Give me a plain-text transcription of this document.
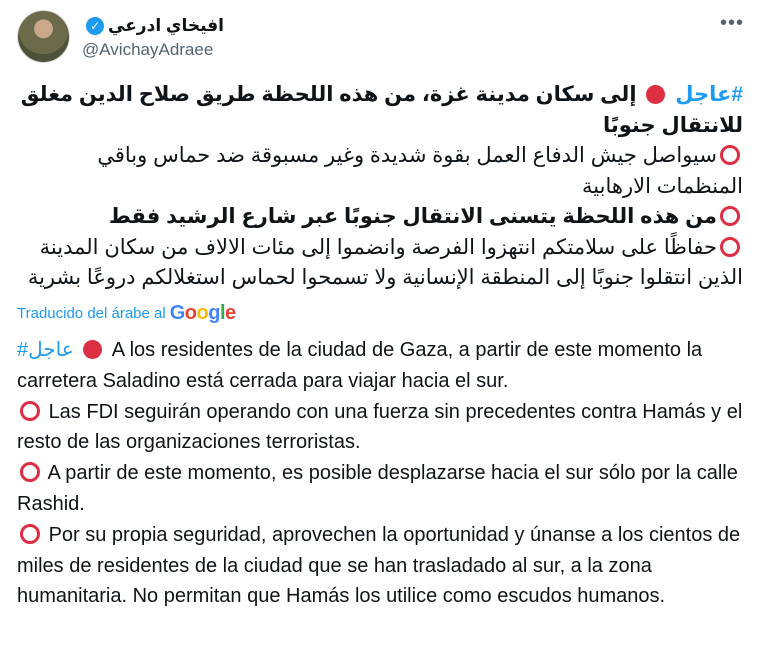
افيخاي ادرعي
✓
@AvichayAdraee
•••

#عاجل  إلى سكان مدينة غزة، من هذه اللحظة طريق صلاح الدين مغلق للانتقال جنوبًا

سيواصل جيش الدفاع العمل بقوة شديدة وغير مسبوقة ضد حماس وباقي المنظمات الارهابية

من هذه اللحظة يتسنى الانتقال جنوبًا عبر شارع الرشيد فقط

حفاظًا على سلامتكم انتهزوا الفرصة وانضموا إلى مئات الالاف من سكان المدينة الذين انتقلوا جنوبًا إلى المنطقة الإنسانية ولا تسمحوا لحماس استغلالكم دروعًا بشرية

Traducido del árabe al Google

#عاجل A los residentes de la ciudad de Gaza, a partir de este momento la carretera Saladino está cerrada para viajar hacia el sur.

Las FDI seguirán operando con una fuerza sin precedentes contra Hamás y el resto de las organizaciones terroristas.

A partir de este momento, es posible desplazarse hacia el sur sólo por la calle Rashid.

Por su propia seguridad, aprovechen la oportunidad y únanse a los cientos de miles de residentes de la ciudad que se han trasladado al sur, a la zona humanitaria. No permitan que Hamás los utilice como escudos humanos.
